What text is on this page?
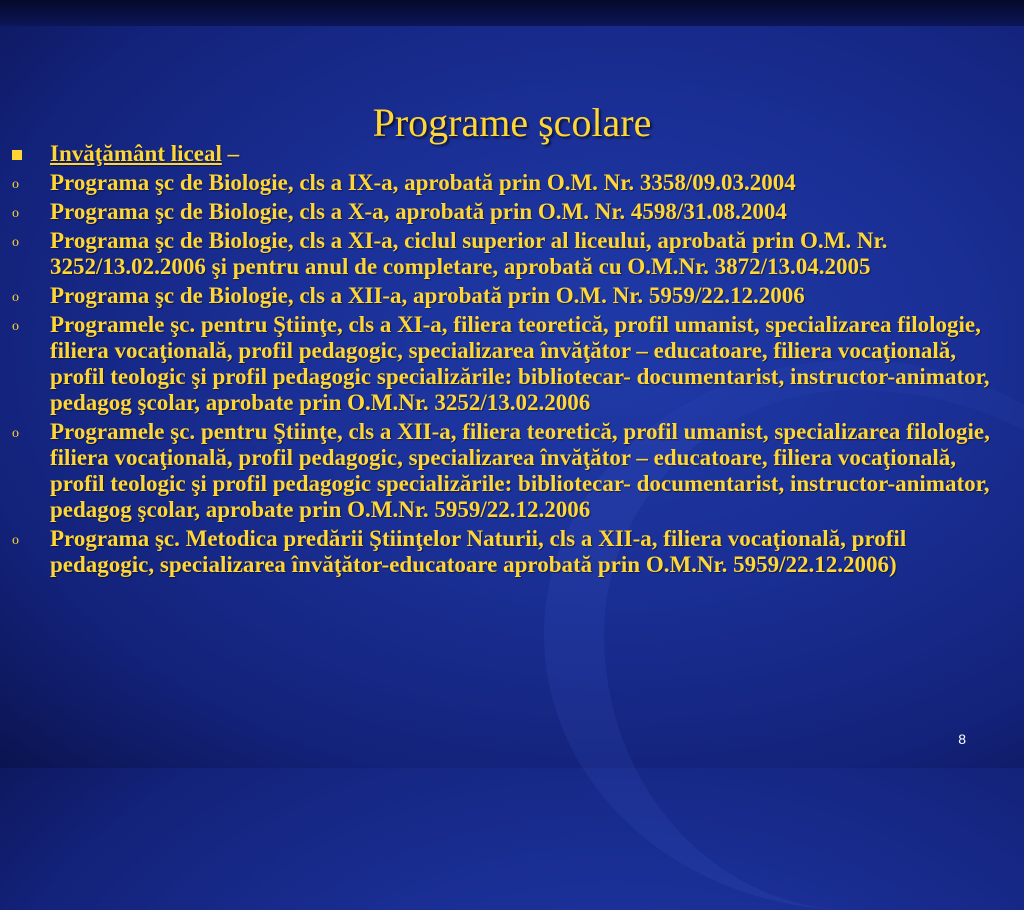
Programe şcolare
Invăţământ liceal –
o Programa şc de Biologie, cls a IX-a, aprobată prin O.M. Nr. 3358/09.03.2004
o Programa şc de Biologie, cls a X-a, aprobată prin O.M. Nr. 4598/31.08.2004
o Programa şc de Biologie, cls a XI-a, ciclul superior al liceului, aprobată prin O.M. Nr. 3252/13.02.2006 şi pentru anul de completare, aprobată cu O.M.Nr. 3872/13.04.2005
o Programa şc de Biologie, cls a XII-a, aprobată prin O.M. Nr. 5959/22.12.2006
o Programele şc. pentru Ştiinţe, cls a XI-a, filiera teoretică, profil umanist, specializarea filologie, filiera vocaţională, profil pedagogic, specializarea învăţător – educatoare, filiera vocaţională, profil teologic şi profil pedagogic specializările: bibliotecar- documentarist, instructor-animator, pedagog şcolar, aprobate prin O.M.Nr. 3252/13.02.2006
o Programele şc. pentru Ştiinţe, cls a XII-a, filiera teoretică, profil umanist, specializarea filologie, filiera vocaţională, profil pedagogic, specializarea învăţător – educatoare, filiera vocaţională, profil teologic şi profil pedagogic specializările: bibliotecar- documentarist, instructor-animator, pedagog şcolar, aprobate prin O.M.Nr. 5959/22.12.2006
o Programa şc. Metodica predării Ştiinţelor Naturii, cls a XII-a, filiera vocaţională, profil pedagogic, specializarea învăţător-educatoare aprobată prin O.M.Nr. 5959/22.12.2006)
8
